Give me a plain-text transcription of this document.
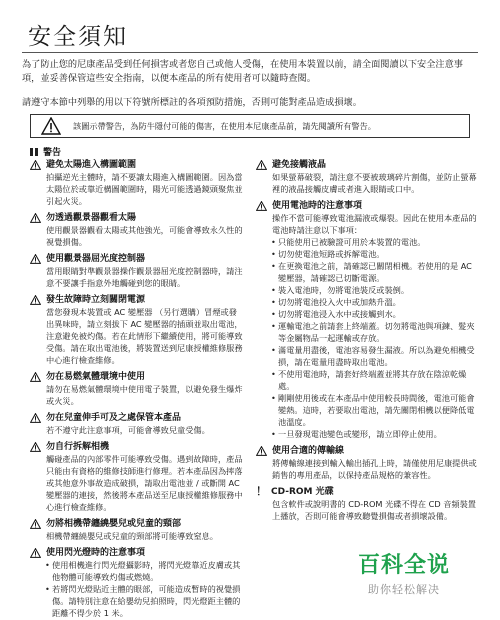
安全須知

為了防止您的尼康產品受到任何損害或者您自己或他人受傷，在使用本裝置以前，請全面閱讀以下安全注意事項，並妥善保管這些安全指南，以便本產品的所有使用者可以隨時查閱。

請遵守本節中列舉的用以下符號所標註的各項預防措施，否則可能對產品造成損壞。

該圖示帶警告，為防牛隱付可能的傷害，在使用本尼康產品前，請先閱讀所有警告。
警告
避免太陽進入構圖範圍

拍攝逆光主體時，請不要讓太陽進入構圖範圍。因為當太陽位於或靠近構圖範圍時，陽光可能透過鏡頭聚焦並引起火災。

勿透過觀景器觀看太陽

使用觀景器觀看太陽或其他強光，可能會導致永久性的視覺損傷。

使用觀景器屈光度控制器

當用眼睛對準觀景器操作觀景器屈光度控制器時，請注意不要讓手指意外地觸碰到您的眼睛。

發生故障時立刻關閉電源

當您發現本裝置或 AC 變壓器 （另行選購）冒煙或發出異味時，請立刻拔下 AC 變壓器的插頭並取出電池，注意避免被灼傷。若在此情形下繼續使用，將可能導致受傷。請在取出電池後，將裝置送到尼康授權維修服務中心進行檢查維修。

勿在易燃氣體環境中使用

請勿在易燃氣體環境中使用電子裝置，以避免發生爆炸或火災。

勿在兒童伸手可及之處保管本產品

若不遵守此注意事項，可能會導致兒童受傷。

勿自行拆解相機

觸碰產品的內部零件可能導致受傷。遇到故障時，產品只能由有資格的維修技師進行修理。若本產品因為摔落或其他意外事故造成破損，請取出電池並 / 或斷開 AC 變壓器的連接，然後將本產品送至尼康授權維修服務中心進行檢查維修。

勿將相機帶纏繞嬰兒或兒童的頸部

相機帶纏繞嬰兒或兒童的頸部將可能導致窒息。

使用閃光燈時的注意事項

• 使用相機進行閃光燈攝影時，將閃光燈靠近皮膚或其他物體可能導致灼傷或燃燒。

• 若將閃光燈貼近主體的眼部，可能造成暫時的視覺損傷。請特別注意在給嬰幼兒拍照時，閃光燈距主體的距離不得少於 1 米。

避免接觸液晶

如果螢幕破裂，請注意不要被玻璃碎片割傷，並防止螢幕裡的液晶接觸皮膚或者進入眼睛或口中。

使用電池時的注意事項

操作不當可能導致電池漏液或爆裂。因此在使用本產品的電池時請注意以下事項：

• 只能使用已被驗證可用於本裝置的電池。

• 切勿使電池短路或拆解電池。

• 在更換電池之前，請確認已關閉相機。若使用的是 AC 變壓器，請確認已切斷電源。

• 裝入電池時，勿將電池裝反或裝倒。

• 切勿將電池投入火中或加熱升溫。

• 切勿將電池浸入水中或接觸到水。

• 運輸電池之前請套上終端蓋。切勿將電池與項鍊、髮夾等金屬物品一起運輸或存放。

• 滿電量用盡後，電池容易發生漏液。所以為避免相機受損，請在電量用盡時取出電池。

• 不使用電池時，請套好終端蓋並將其存放在陰涼乾燥處。

• 剛剛使用後或在本產品中使用較長時間後，電池可能會變熱。這時，若要取出電池，請先關閉相機以便降低電池溫度。

• 一旦發現電池變色或變形，請立即停止使用。

使用合適的傳輸線

將傳輸線連接到輸入輸出插孔上時，請僅使用尼康提供或銷售的專用產品，以保持產品規格的兼容性。

！ CD-ROM 光碟

包含軟件或說明書的 CD-ROM 光碟不得在 CD 音頻裝置上播放，否則可能會導致聽覺損傷或者損壞設備。

百科全说
助你轻松解决
